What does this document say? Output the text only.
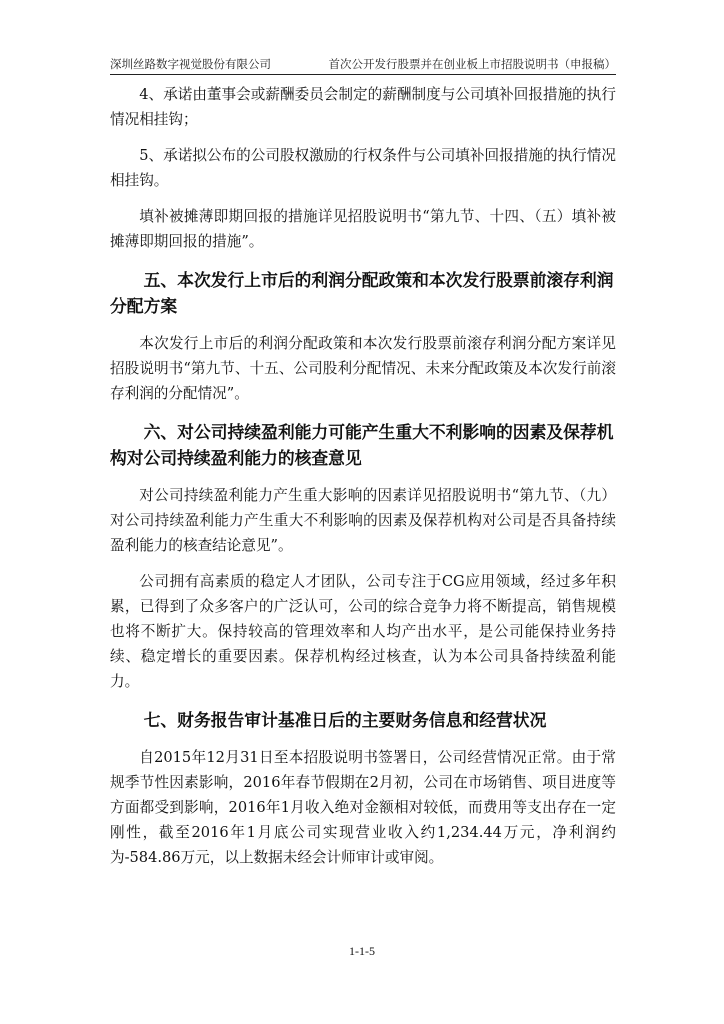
深圳丝路数字视觉股份有限公司	首次公开发行股票并在创业板上市招股说明书（申报稿）

4、承诺由董事会或薪酬委员会制定的薪酬制度与公司填补回报措施的执行情况相挂钩；

5、承诺拟公布的公司股权激励的行权条件与公司填补回报措施的执行情况相挂钩。

填补被摊薄即期回报的措施详见招股说明书“第九节、十四、（五）填补被摊薄即期回报的措施”。

五、本次发行上市后的利润分配政策和本次发行股票前滚存利润分配方案

本次发行上市后的利润分配政策和本次发行股票前滚存利润分配方案详见招股说明书“第九节、十五、公司股利分配情况、未来分配政策及本次发行前滚存利润的分配情况”。

六、对公司持续盈利能力可能产生重大不利影响的因素及保荐机构对公司持续盈利能力的核查意见

对公司持续盈利能力产生重大影响的因素详见招股说明书“第九节、（九）对公司持续盈利能力产生重大不利影响的因素及保荐机构对公司是否具备持续盈利能力的核查结论意见”。

公司拥有高素质的稳定人才团队，公司专注于CG应用领域，经过多年积累，已得到了众多客户的广泛认可，公司的综合竞争力将不断提高，销售规模也将不断扩大。保持较高的管理效率和人均产出水平，是公司能保持业务持续、稳定增长的重要因素。保荐机构经过核查，认为本公司具备持续盈利能力。

七、财务报告审计基准日后的主要财务信息和经营状况

自2015年12月31日至本招股说明书签署日，公司经营情况正常。由于常规季节性因素影响，2016年春节假期在2月初，公司在市场销售、项目进度等方面都受到影响，2016年1月收入绝对金额相对较低，而费用等支出存在一定刚性，截至2016年1月底公司实现营业收入约1,234.44万元，净利润约为-584.86万元，以上数据未经会计师审计或审阅。

1-1-5
